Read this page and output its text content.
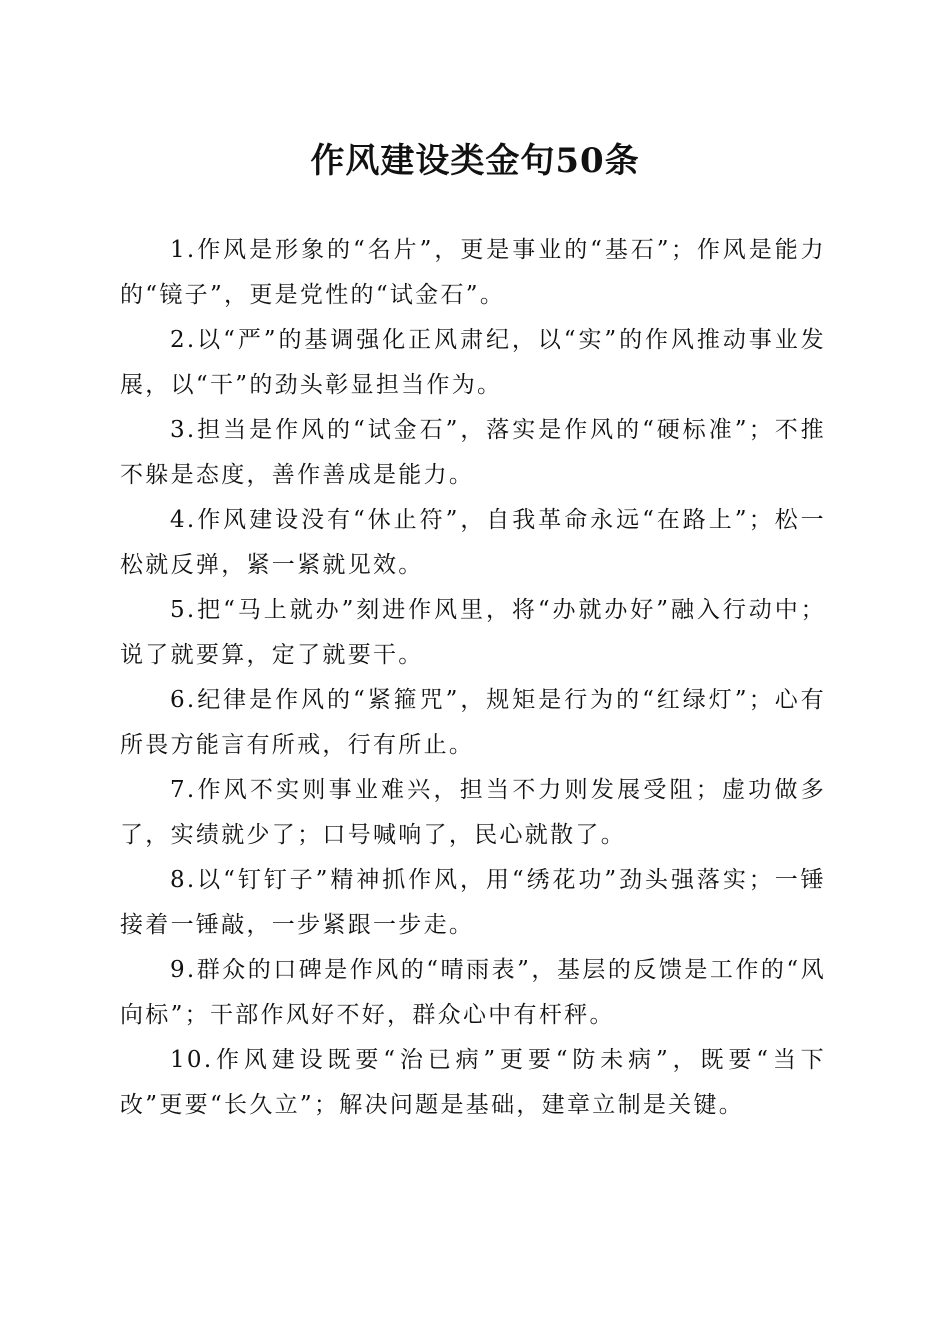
作风建设类金句50条

1.作风是形象的“名片”，更是事业的“基石”；作风是能力的“镜子”，更是党性的“试金石”。

2.以“严”的基调强化正风肃纪，以“实”的作风推动事业发展，以“干”的劲头彰显担当作为。

3.担当是作风的“试金石”，落实是作风的“硬标准”；不推不躲是态度，善作善成是能力。

4.作风建设没有“休止符”，自我革命永远“在路上”；松一松就反弹，紧一紧就见效。

5.把“马上就办”刻进作风里，将“办就办好”融入行动中；说了就要算，定了就要干。

6.纪律是作风的“紧箍咒”，规矩是行为的“红绿灯”；心有所畏方能言有所戒，行有所止。

7.作风不实则事业难兴，担当不力则发展受阻；虚功做多了，实绩就少了；口号喊响了，民心就散了。

8.以“钉钉子”精神抓作风，用“绣花功”劲头强落实；一锤接着一锤敲，一步紧跟一步走。

9.群众的口碑是作风的“晴雨表”，基层的反馈是工作的“风向标”；干部作风好不好，群众心中有杆秤。

10.作风建设既要“治已病”更要“防未病”，既要“当下改”更要“长久立”；解决问题是基础，建章立制是关键。
